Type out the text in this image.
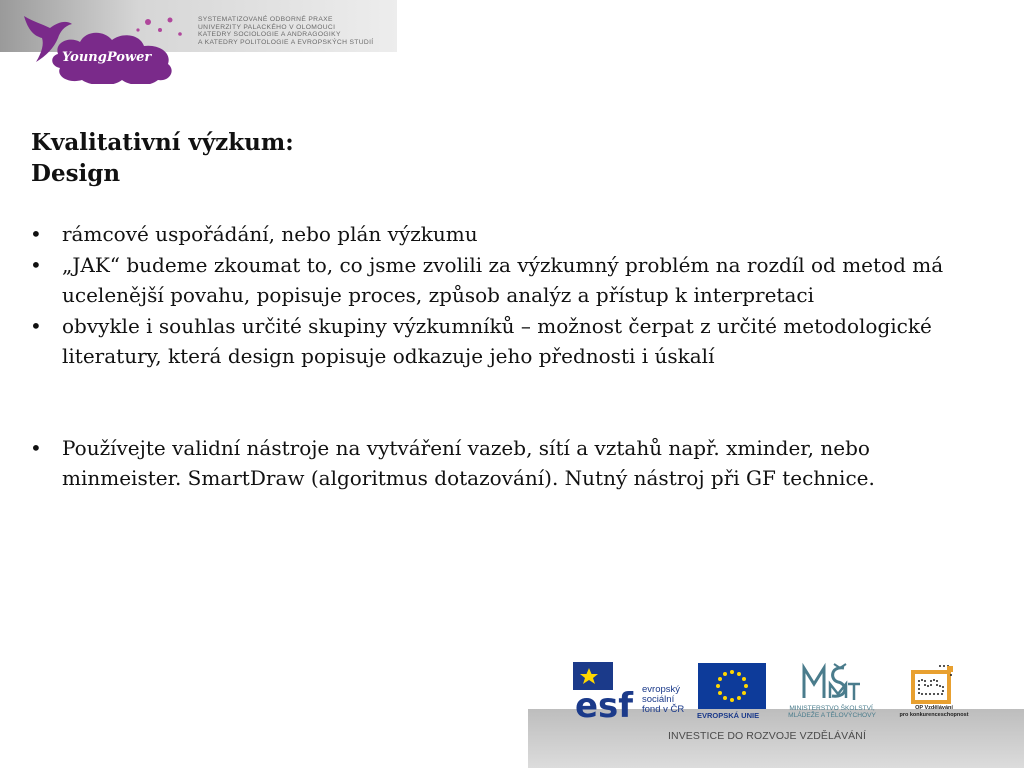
YoungPower
SYSTEMATIZOVANÉ ODBORNÉ PRAXE
UNIVERZITY PALACKÉHO V OLOMOUCI
KATEDRY SOCIOLOGIE A ANDRAGOGIKY
A KATEDRY POLITOLOGIE A EVROPSKÝCH STUDIÍ
Kvalitativní výzkum:
Design
• rámcové uspořádání, nebo plán výzkumu
• „JAK“ budeme zkoumat to, co jsme zvolili za výzkumný problém na rozdíl od metod má ucelenější povahu, popisuje proces, způsob analýz a přístup k interpretaci
• obvykle i souhlas určité skupiny výzkumníků – možnost čerpat z určité metodologické literatury, která design popisuje odkazuje jeho přednosti i úskalí
• Používejte validní nástroje na vytváření vazeb, sítí a vztahů např. xminder, nebo minmeister. SmartDraw (algoritmus dotazování). Nutný nástroj při GF technice.
INVESTICE DO ROZVOJE VZDĚLÁVÁNÍ
esf evropský
sociální
fond v ČR
EVROPSKÁ UNIE
MINISTERSTVO ŠKOLSTVÍ,
MLÁDEŽE A TĚLOVÝCHOVY
OP Vzdělávání
pro konkurenceschopnost
